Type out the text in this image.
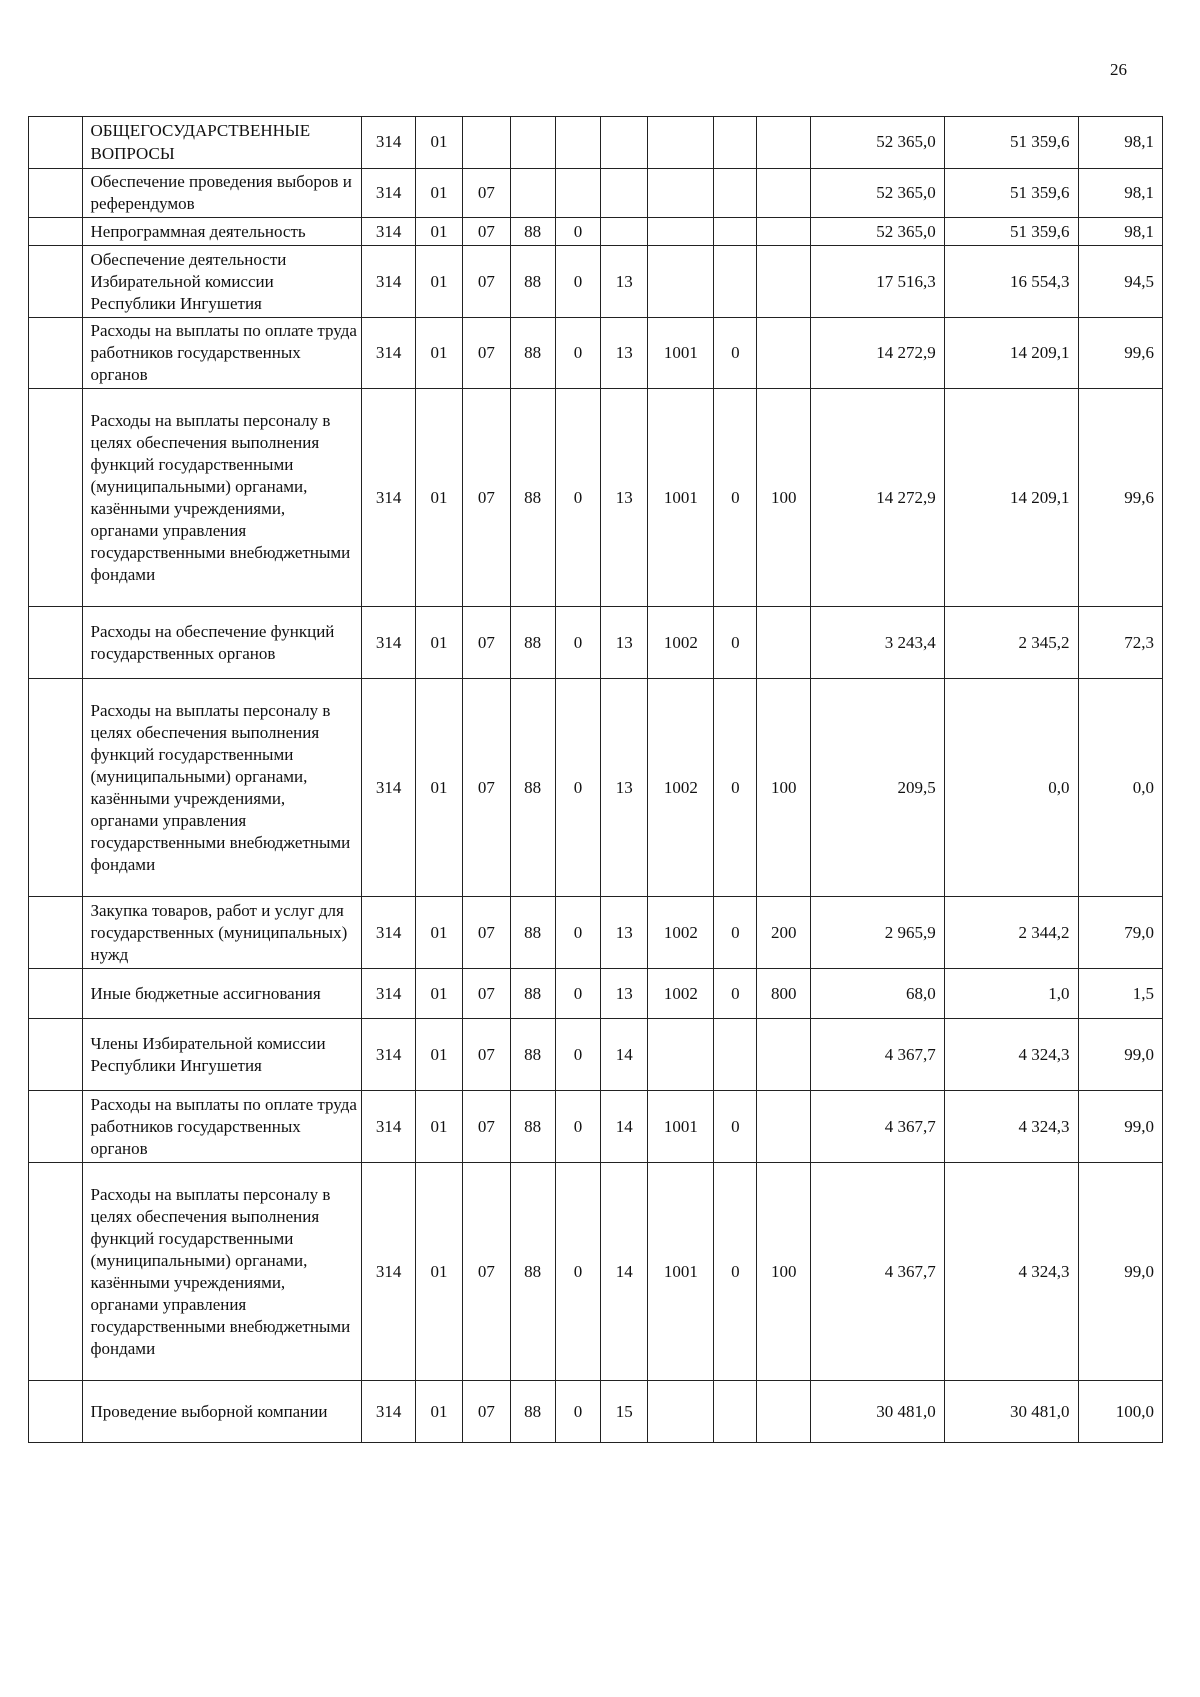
26
	ОБЩЕГОСУДАРСТВЕННЫЕ ВОПРОСЫ	314	01								52 365,0	51 359,6	98,1
	Обеспечение проведения выборов и референдумов	314	01	07							52 365,0	51 359,6	98,1
	Непрограммная деятельность	314	01	07	88	0					52 365,0	51 359,6	98,1
	Обеспечение деятельности Избирательной комиссии Республики Ингушетия	314	01	07	88	0	13				17 516,3	16 554,3	94,5
	Расходы на выплаты по оплате труда работников государственных органов	314	01	07	88	0	13	1001	0		14 272,9	14 209,1	99,6
	Расходы на выплаты персоналу в целях обеспечения выполнения функций государственными (муниципальными) органами, казёнными учреждениями, органами управления государственными внебюджетными фондами	314	01	07	88	0	13	1001	0	100	14 272,9	14 209,1	99,6
	Расходы на обеспечение функций государственных органов	314	01	07	88	0	13	1002	0		3 243,4	2 345,2	72,3
	Расходы на выплаты персоналу в целях обеспечения выполнения функций государственными (муниципальными) органами, казёнными учреждениями, органами управления государственными внебюджетными фондами	314	01	07	88	0	13	1002	0	100	209,5	0,0	0,0
	Закупка товаров, работ и услуг для государственных (муниципальных) нужд	314	01	07	88	0	13	1002	0	200	2 965,9	2 344,2	79,0
	Иные бюджетные ассигнования	314	01	07	88	0	13	1002	0	800	68,0	1,0	1,5
	Члены Избирательной комиссии Республики Ингушетия	314	01	07	88	0	14				4 367,7	4 324,3	99,0
	Расходы на выплаты по оплате труда работников государственных органов	314	01	07	88	0	14	1001	0		4 367,7	4 324,3	99,0
	Расходы на выплаты персоналу в целях обеспечения выполнения функций государственными (муниципальными) органами, казёнными учреждениями, органами управления государственными внебюджетными фондами	314	01	07	88	0	14	1001	0	100	4 367,7	4 324,3	99,0
	Проведение выборной компании	314	01	07	88	0	15				30 481,0	30 481,0	100,0
